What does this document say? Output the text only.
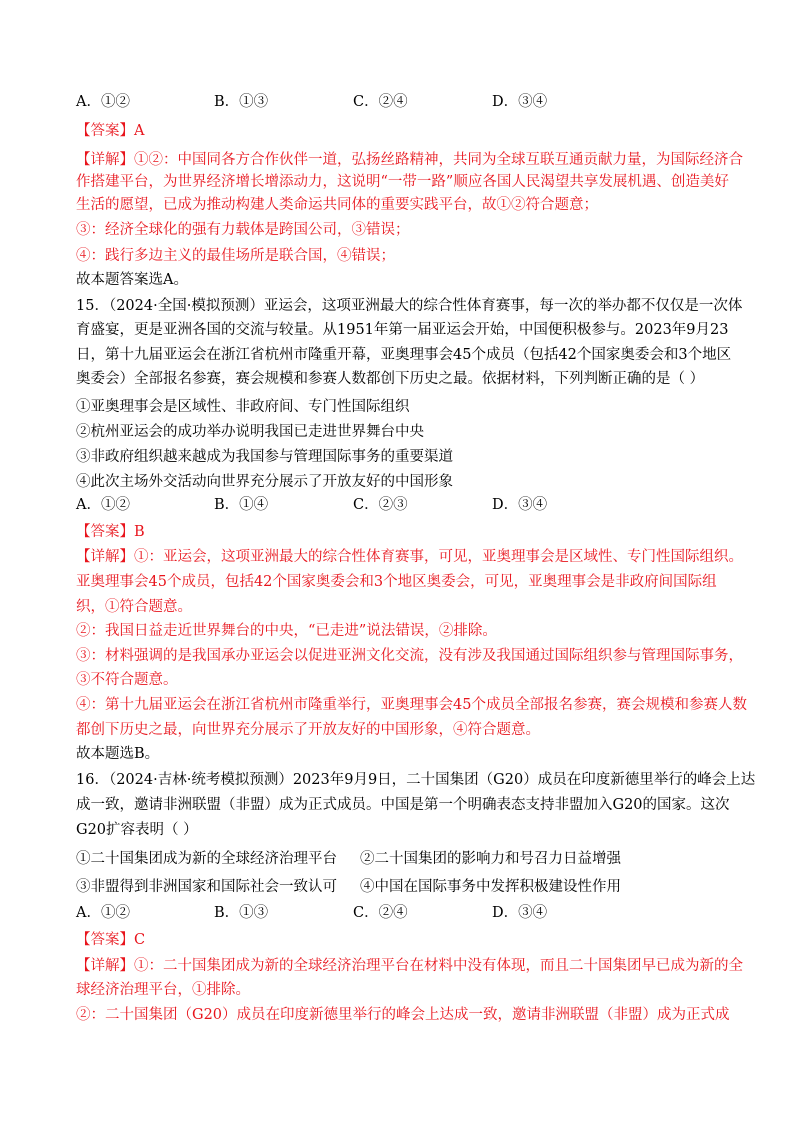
A．①②	B．①③	C．②④	D．③④
【答案】A
【详解】①②：中国同各方合作伙伴一道，弘扬丝路精神，共同为全球互联互通贡献力量，为国际经济合
作搭建平台，为世界经济增长增添动力，这说明“一带一路”顺应各国人民渴望共享发展机遇、创造美好
生活的愿望，已成为推动构建人类命运共同体的重要实践平台，故①②符合题意；
③：经济全球化的强有力载体是跨国公司，③错误；
④：践行多边主义的最佳场所是联合国，④错误；
故本题答案选A。
15．（2024·全国·模拟预测）亚运会，这项亚洲最大的综合性体育赛事，每一次的举办都不仅仅是一次体
育盛宴，更是亚洲各国的交流与较量。从1951年第一届亚运会开始，中国便积极参与。2023年9月23
日，第十九届亚运会在浙江省杭州市隆重开幕，亚奥理事会45个成员（包括42个国家奥委会和3个地区
奥委会）全部报名参赛，赛会规模和参赛人数都创下历史之最。依据材料，下列判断正确的是（ ）
①亚奥理事会是区域性、非政府间、专门性国际组织
②杭州亚运会的成功举办说明我国已走进世界舞台中央
③非政府组织越来越成为我国参与管理国际事务的重要渠道
④此次主场外交活动向世界充分展示了开放友好的中国形象
A．①②	B．①④	C．②③	D．③④
【答案】B
【详解】①：亚运会，这项亚洲最大的综合性体育赛事，可见，亚奥理事会是区域性、专门性国际组织。
亚奥理事会45个成员，包括42个国家奥委会和3个地区奥委会，可见，亚奥理事会是非政府间国际组
织，①符合题意。
②：我国日益走近世界舞台的中央，“已走进”说法错误，②排除。
③：材料强调的是我国承办亚运会以促进亚洲文化交流，没有涉及我国通过国际组织参与管理国际事务，
③不符合题意。
④：第十九届亚运会在浙江省杭州市隆重举行，亚奥理事会45个成员全部报名参赛，赛会规模和参赛人数
都创下历史之最，向世界充分展示了开放友好的中国形象，④符合题意。
故本题选B。
16．（2024·吉林·统考模拟预测）2023年9月9日，二十国集团（G20）成员在印度新德里举行的峰会上达
成一致，邀请非洲联盟（非盟）成为正式成员。中国是第一个明确表态支持非盟加入G20的国家。这次
G20扩容表明（ ）
①二十国集团成为新的全球经济治理平台 ②二十国集团的影响力和号召力日益增强
③非盟得到非洲国家和国际社会一致认可 ④中国在国际事务中发挥积极建设性作用
A．①②	B．①③	C．②④	D．③④
【答案】C
【详解】①：二十国集团成为新的全球经济治理平台在材料中没有体现，而且二十国集团早已成为新的全
球经济治理平台，①排除。
②：二十国集团（G20）成员在印度新德里举行的峰会上达成一致，邀请非洲联盟（非盟）成为正式成
